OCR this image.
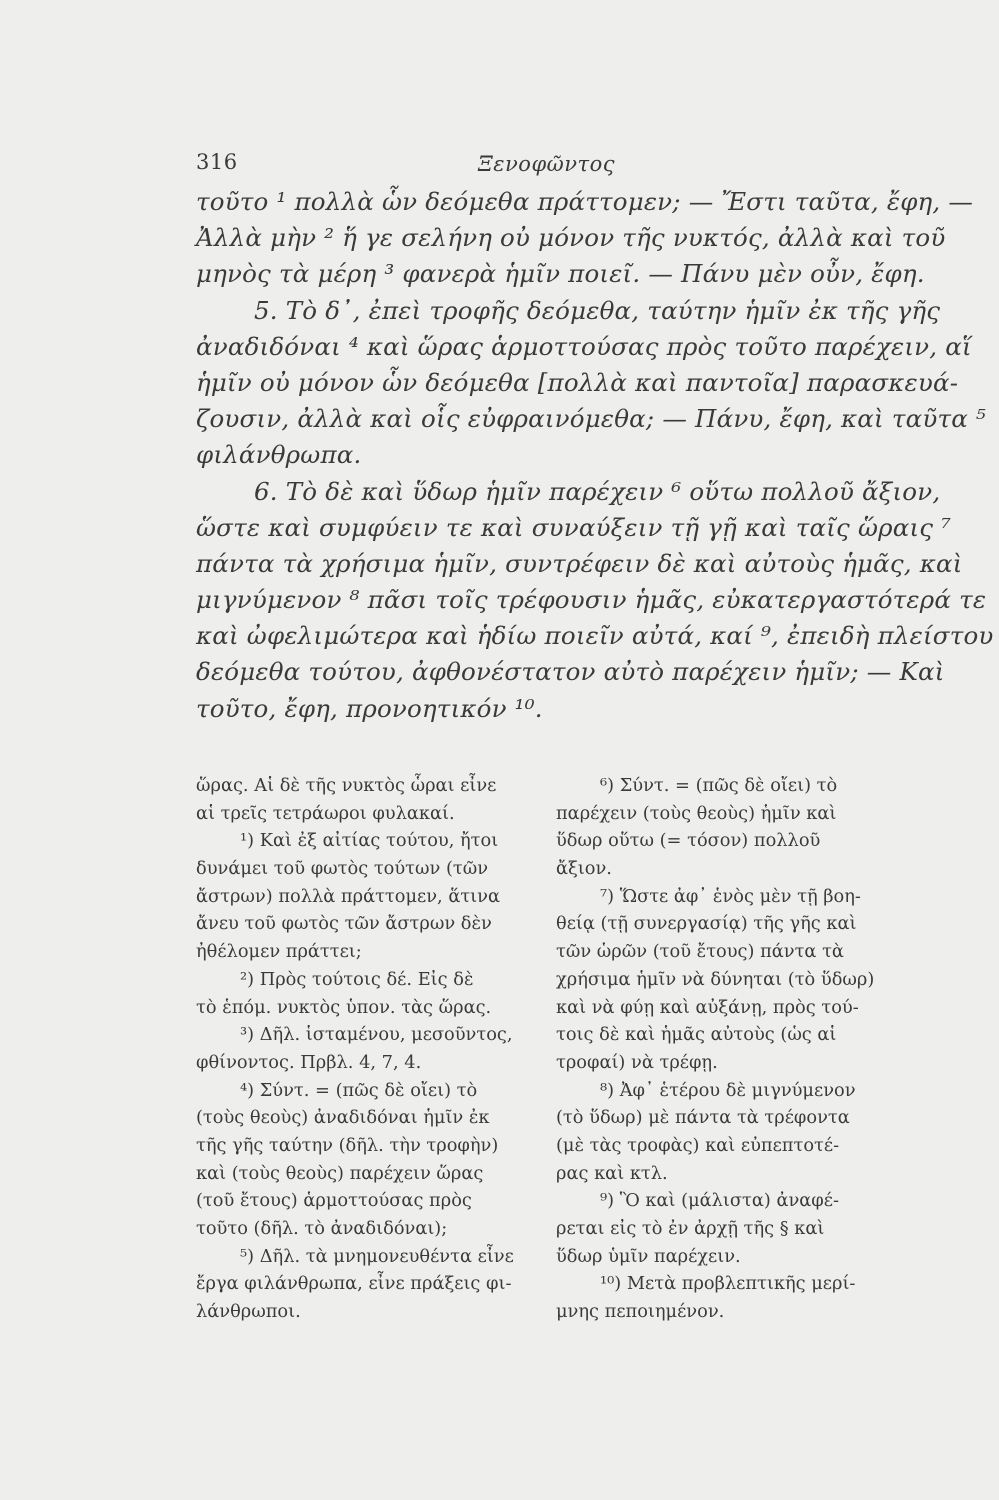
316	Ξενοφῶντος
τοῦτο ¹ πολλὰ ὧν δεόμεθα πράττομεν; — Ἔστι ταῦτα, ἔφη, —
Ἀλλὰ μὴν ² ἥ γε σελήνη οὐ μόνον τῆς νυκτός, ἀλλὰ καὶ τοῦ
μηνὸς τὰ μέρη ³ φανερὰ ἡμῖν ποιεῖ. — Πάνυ μὲν οὖν, ἔφη.
5. Τὸ δ᾽, ἐπεὶ τροφῆς δεόμεθα, ταύτην ἡμῖν ἐκ τῆς γῆς
ἀναδιδόναι ⁴ καὶ ὥρας ἁρμοττούσας πρὸς τοῦτο παρέχειν, αἵ
ἡμῖν οὐ μόνον ὧν δεόμεθα [πολλὰ καὶ παντοῖα] παρασκευά-
ζουσιν, ἀλλὰ καὶ οἷς εὐφραινόμεθα; — Πάνυ, ἔφη, καὶ ταῦτα ⁵
φιλάνθρωπα.
6. Τὸ δὲ καὶ ὕδωρ ἡμῖν παρέχειν ⁶ οὕτω πολλοῦ ἄξιον,
ὥστε καὶ συμφύειν τε καὶ συναύξειν τῇ γῇ καὶ ταῖς ὥραις ⁷
πάντα τὰ χρήσιμα ἡμῖν, συντρέφειν δὲ καὶ αὐτοὺς ἡμᾶς, καὶ
μιγνύμενον ⁸ πᾶσι τοῖς τρέφουσιν ἡμᾶς, εὐκατεργαστότερά τε
καὶ ὠφελιμώτερα καὶ ἡδίω ποιεῖν αὐτά, καί ⁹, ἐπειδὴ πλείστου
δεόμεθα τούτου, ἀφθονέστατον αὐτὸ παρέχειν ἡμῖν; — Καὶ
τοῦτο, ἔφη, προνοητικόν ¹⁰.
ὥρας. Αἱ δὲ τῆς νυκτὸς ὧραι εἶνε
αἱ τρεῖς τετράωροι φυλακαί.
¹) Καὶ ἐξ αἰτίας τούτου, ἤτοι
δυνάμει τοῦ φωτὸς τούτων (τῶν
ἄστρων) πολλὰ πράττομεν, ἅτινα
ἄνευ τοῦ φωτὸς τῶν ἄστρων δὲν
ἠθέλομεν πράττει;
²) Πρὸς τούτοις δέ. Εἰς δὲ
τὸ ἑπόμ. νυκτὸς ὑπον. τὰς ὥρας.
³) Δῆλ. ἱσταμένου, μεσοῦντος,
φθίνοντος. Πρβλ. 4, 7, 4.
⁴) Σύντ. = (πῶς δὲ οἴει) τὸ
(τοὺς θεοὺς) ἀναδιδόναι ἡμῖν ἐκ
τῆς γῆς ταύτην (δῆλ. τὴν τροφὴν)
καὶ (τοὺς θεοὺς) παρέχειν ὥρας
(τοῦ ἔτους) ἁρμοττούσας πρὸς
τοῦτο (δῆλ. τὸ ἀναδιδόναι);
⁵) Δῆλ. τὰ μνημονευθέντα εἶνε
ἔργα φιλάνθρωπα, εἶνε πράξεις φι-
λάνθρωποι.
⁶) Σύντ. = (πῶς δὲ οἴει) τὸ
παρέχειν (τοὺς θεοὺς) ἡμῖν καὶ
ὕδωρ οὕτω (= τόσον) πολλοῦ
ἄξιον.
⁷) Ὥστε ἀφ᾽ ἑνὸς μὲν τῇ βοη-
θείᾳ (τῇ συνεργασίᾳ) τῆς γῆς καὶ
τῶν ὡρῶν (τοῦ ἔτους) πάντα τὰ
χρήσιμα ἡμῖν νὰ δύνηται (τὸ ὕδωρ)
καὶ νὰ φύῃ καὶ αὐξάνῃ, πρὸς τού-
τοις δὲ καὶ ἡμᾶς αὐτοὺς (ὡς αἱ
τροφαί) νὰ τρέφῃ.
⁸) Ἀφ᾽ ἑτέρου δὲ μιγνύμενον
(τὸ ὕδωρ) μὲ πάντα τὰ τρέφοντα
(μὲ τὰς τροφὰς) καὶ εὐπεπτοτέ-
ρας καὶ κτλ.
⁹) Ὃ καὶ (μάλιστα) ἀναφέ-
ρεται εἰς τὸ ἐν ἀρχῇ τῆς § καὶ
ὕδωρ ὑμῖν παρέχειν.
¹⁰) Μετὰ προβλεπτικῆς μερί-
μνης πεποιημένον.
